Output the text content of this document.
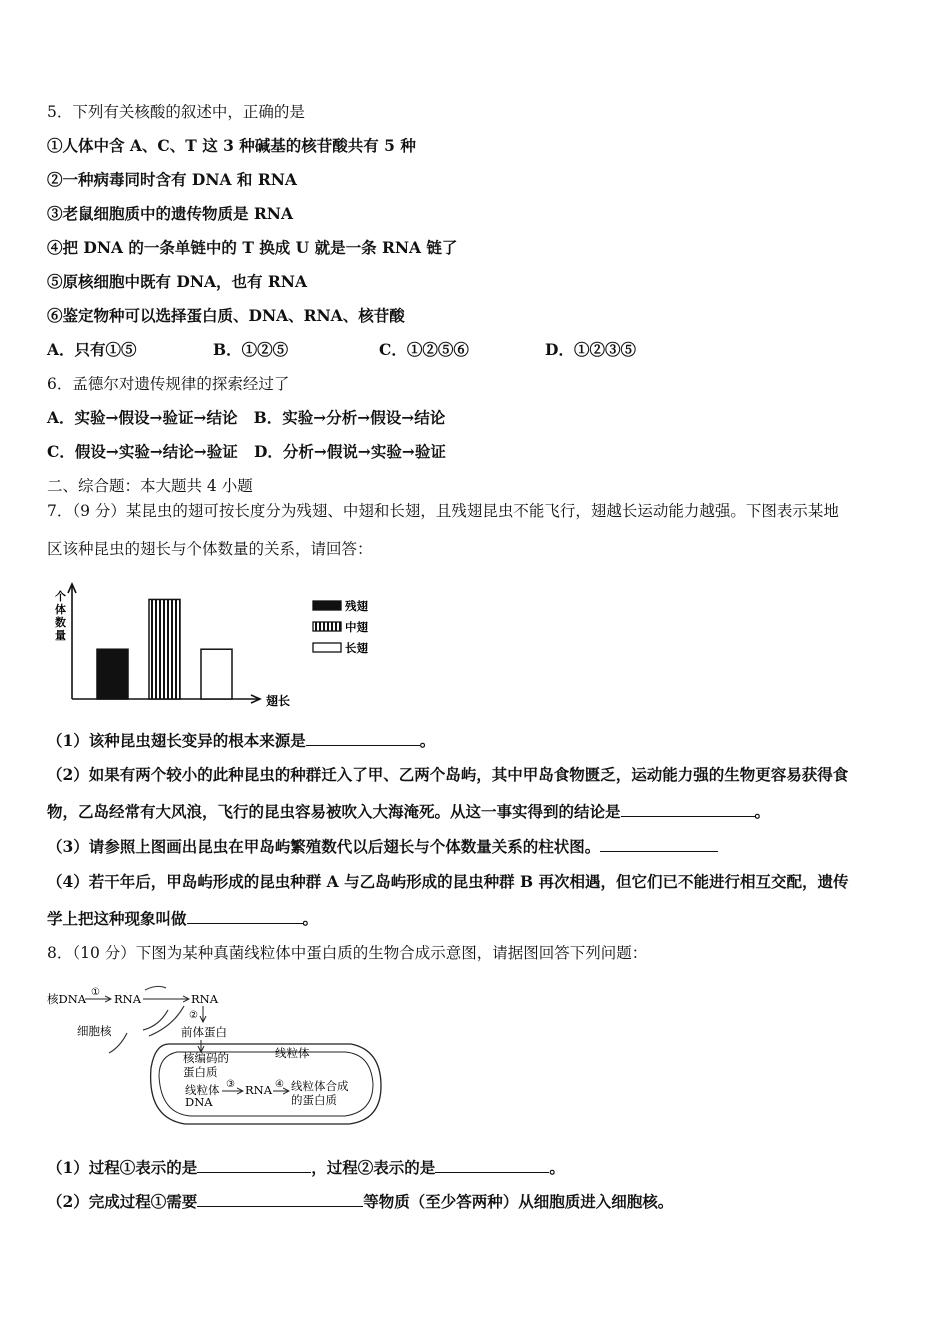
5．下列有关核酸的叙述中，正确的是
①人体中含 A、C、T 这 3 种碱基的核苷酸共有 5 种
②一种病毒同时含有 DNA 和 RNA
③老鼠细胞质中的遗传物质是 RNA
④把 DNA 的一条单链中的 T 换成 U 就是一条 RNA 链了
⑤原核细胞中既有 DNA，也有 RNA
⑥鉴定物种可以选择蛋白质、DNA、RNA、核苷酸
A．只有①⑤	B．①②⑤	C．①②⑤⑥	D．①②③⑤
6．孟德尔对遗传规律的探索经过了
A．实验→假设→验证→结论   B．实验→分析→假设→结论
C．假设→实验→结论→验证   D．分析→假说→实验→验证
二、综合题：本大题共 4 小题
7．（9 分）某昆虫的翅可按长度分为残翅、中翅和长翅，且残翅昆虫不能飞行，翅越长运动能力越强。下图表示某地
区该种昆虫的翅长与个体数量的关系，请回答：
个
体
数
量
翅长
残翅
中翅
长翅
（1）该种昆虫翅长变异的根本来源是	。
（2）如果有两个较小的此种昆虫的种群迁入了甲、乙两个岛屿，其中甲岛食物匮乏，运动能力强的生物更容易获得食
物，乙岛经常有大风浪，飞行的昆虫容易被吹入大海淹死。从这一事实得到的结论是	。
（3）请参照上图画出昆虫在甲岛屿繁殖数代以后翅长与个体数量关系的柱状图。
（4）若干年后，甲岛屿形成的昆虫种群 A 与乙岛屿形成的昆虫种群 B 再次相遇，但它们已不能进行相互交配，遗传
学上把这种现象叫做	。
8．（10 分）下图为某种真菌线粒体中蛋白质的生物合成示意图，请据图回答下列问题：
核DNA ① RNA	RNA
细胞核
②
前体蛋白
线粒体
核编码的
蛋白质
线粒体
DNA
③ RNA ④ 线粒体合成
的蛋白质
（1）过程①表示的是	，过程②表示的是	。
（2）完成过程①需要	等物质（至少答两种）从细胞质进入细胞核。
